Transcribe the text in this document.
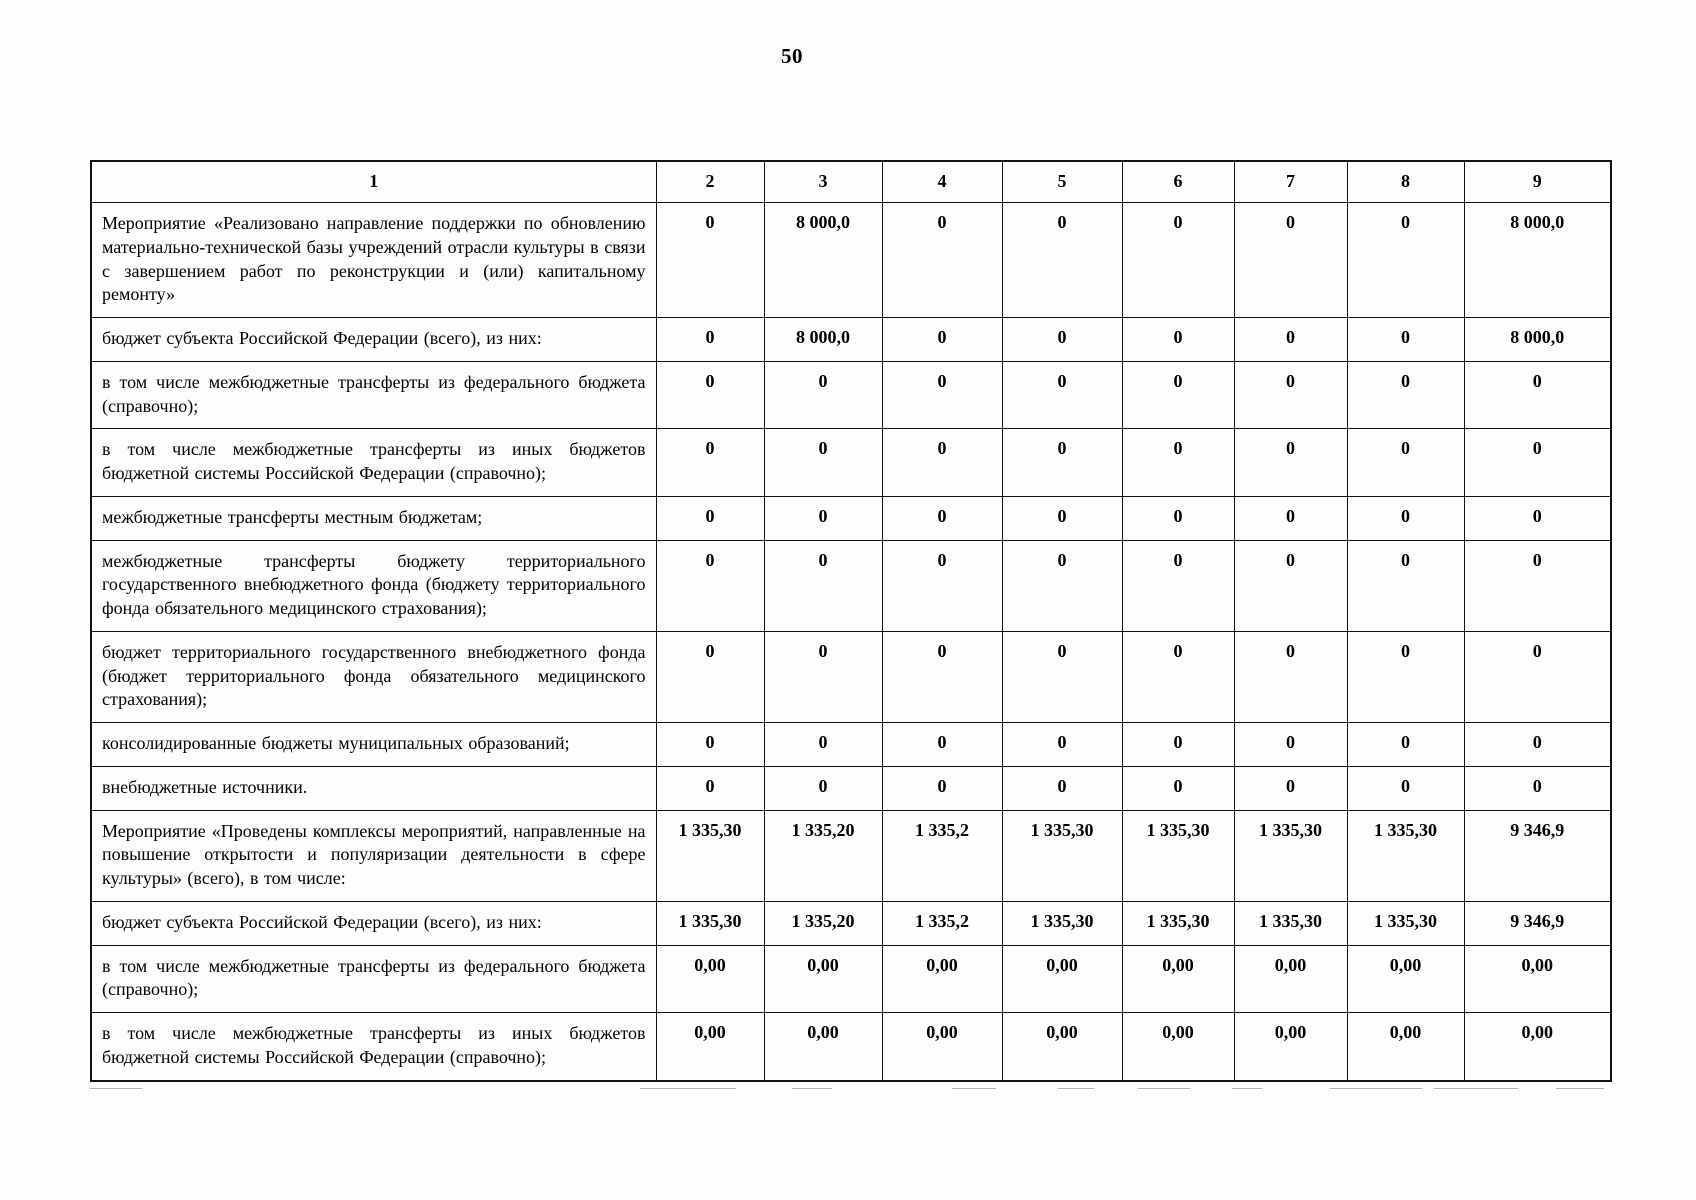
50
1	2	3	4	5	6	7	8	9
Мероприятие «Реализовано направление поддержки по обновлению материально-технической базы учреждений отрасли культуры в связи с завершением работ по реконструкции и (или) капитальному ремонту»	0	8 000,0	0	0	0	0	0	8 000,0
бюджет субъекта Российской Федерации (всего), из них:	0	8 000,0	0	0	0	0	0	8 000,0
в том числе межбюджетные трансферты из федерального бюджета (справочно);	0	0	0	0	0	0	0	0
в том числе межбюджетные трансферты из иных бюджетов бюджетной системы Российской Федерации (справочно);	0	0	0	0	0	0	0	0
межбюджетные трансферты местным бюджетам;	0	0	0	0	0	0	0	0
межбюджетные трансферты бюджету территориального государственного внебюджетного фонда (бюджету территориального фонда обязательного медицинского страхования);	0	0	0	0	0	0	0	0
бюджет территориального государственного внебюджетного фонда (бюджет территориального фонда обязательного медицинского страхования);	0	0	0	0	0	0	0	0
консолидированные бюджеты муниципальных образований;	0	0	0	0	0	0	0	0
внебюджетные источники.	0	0	0	0	0	0	0	0
Мероприятие «Проведены комплексы мероприятий, направленные на повышение открытости и популяризации деятельности в сфере культуры» (всего), в том числе:	1 335,30	1 335,20	1 335,2	1 335,30	1 335,30	1 335,30	1 335,30	9 346,9
бюджет субъекта Российской Федерации (всего), из них:	1 335,30	1 335,20	1 335,2	1 335,30	1 335,30	1 335,30	1 335,30	9 346,9
в том числе межбюджетные трансферты из федерального бюджета (справочно);	0,00	0,00	0,00	0,00	0,00	0,00	0,00	0,00
в том числе межбюджетные трансферты из иных бюджетов бюджетной системы Российской Федерации (справочно);	0,00	0,00	0,00	0,00	0,00	0,00	0,00	0,00
